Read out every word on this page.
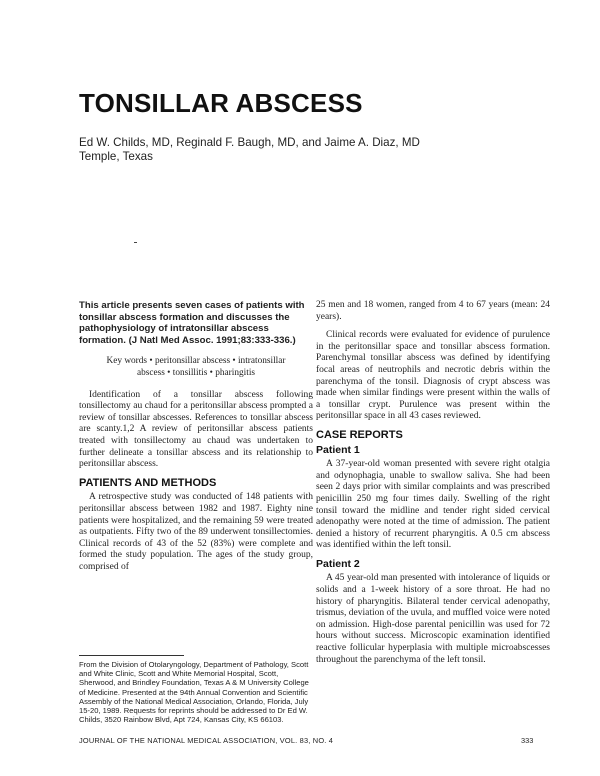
TONSILLAR ABSCESS
Ed W. Childs, MD, Reginald F. Baugh, MD, and Jaime A. Diaz, MD
Temple, Texas

This article presents seven cases of patients with tonsillar abscess formation and discusses the pathophysiology of intratonsillar abscess formation. (J Natl Med Assoc. 1991;83:333-336.)

Key words • peritonsillar abscess • intratonsillar
abscess • tonsillitis • pharingitis

Identification of a tonsillar abscess following tonsillectomy au chaud for a peritonsillar abscess prompted a review of tonsillar abscesses. References to tonsillar abscess are scanty.1,2 A review of peritonsillar abscess patients treated with tonsillectomy au chaud was undertaken to further delineate a tonsillar abscess and its relationship to peritonsillar abscess.

PATIENTS AND METHODS

A retrospective study was conducted of 148 patients with peritonsillar abscess between 1982 and 1987. Eighty nine patients were hospitalized, and the remaining 59 were treated as outpatients. Fifty two of the 89 underwent tonsillectomies. Clinical records of 43 of the 52 (83%) were complete and formed the study population. The ages of the study group, comprised of

25 men and 18 women, ranged from 4 to 67 years (mean: 24 years).

Clinical records were evaluated for evidence of purulence in the peritonsillar space and tonsillar abscess formation. Parenchymal tonsillar abscess was defined by identifying focal areas of neutrophils and necrotic debris within the parenchyma of the tonsil. Diagnosis of crypt abscess was made when similar findings were present within the walls of a tonsillar crypt. Purulence was present within the peritonsillar space in all 43 cases reviewed.

CASE REPORTS
Patient 1

A 37-year-old woman presented with severe right otalgia and odynophagia, unable to swallow saliva. She had been seen 2 days prior with similar complaints and was prescribed penicillin 250 mg four times daily. Swelling of the right tonsil toward the midline and tender right sided cervical adenopathy were noted at the time of admission. The patient denied a history of recurrent pharyngitis. A 0.5 cm abscess was identified within the left tonsil.

Patient 2

A 45 year-old man presented with intolerance of liquids or solids and a 1-week history of a sore throat. He had no history of pharyngitis. Bilateral tender cervical adenopathy, trismus, deviation of the uvula, and muffled voice were noted on admission. High-dose parental penicillin was used for 72 hours without success. Microscopic examination identified reactive follicular hyperplasia with multiple microabscesses throughout the parenchyma of the left tonsil.

From the Division of Otolaryngology, Department of Pathology, Scott and White Clinic, Scott and White Memorial Hospital, Scott, Sherwood, and Brindley Foundation, Texas A & M University College of Medicine. Presented at the 94th Annual Convention and Scientific Assembly of the National Medical Association, Orlando, Florida, July 15-20, 1989. Requests for reprints should be addressed to Dr Ed W. Childs, 3520 Rainbow Blvd, Apt 724, Kansas City, KS 66103.
JOURNAL OF THE NATIONAL MEDICAL ASSOCIATION, VOL. 83, NO. 4	333
